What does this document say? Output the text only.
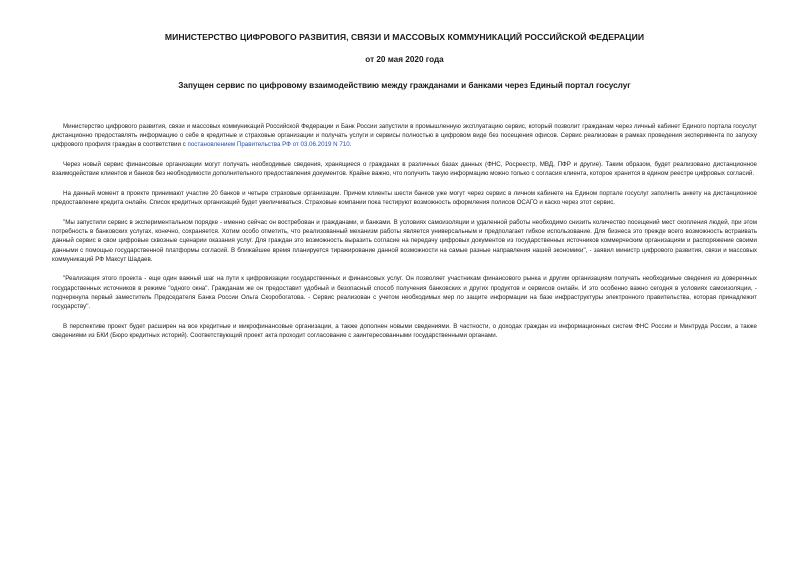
МИНИСТЕРСТВО ЦИФРОВОГО РАЗВИТИЯ, СВЯЗИ И МАССОВЫХ КОММУНИКАЦИЙ РОССИЙСКОЙ ФЕДЕРАЦИИ
от 20 мая 2020 года
Запущен сервис по цифровому взаимодействию между гражданами и банками через Единый портал госуслуг

Министерство цифрового развития, связи и массовых коммуникаций Российской Федерации и Банк России запустили в промышленную эксплуатацию сервис, который позволит гражданам через личный кабинет Единого портала госуслуг дистанционно предоставлять информацию о себе в кредитные и страховые организации и получать услуги и сервисы полностью в цифровом виде без посещения офисов. Сервис реализован в рамках проведения эксперимента по запуску цифрового профиля граждан в соответствии с постановлением Правительства РФ от 03.06.2019 N 710.

Через новый сервис финансовые организации могут получать необходимые сведения, хранящиеся о гражданах в различных базах данных (ФНС, Росреестр, МВД, ПФР и другие). Таким образом, будет реализовано дистанционное взаимодействие клиентов и банков без необходимости дополнительного предоставления документов. Крайне важно, что получить такую информацию можно только с согласия клиента, которое хранится в едином реестре цифровых согласий.

На данный момент в проекте принимают участие 20 банков и четыре страховые организации. Причем клиенты шести банков уже могут через сервис в личном кабинете на Едином портале госуслуг заполнить анкету на дистанционное предоставление кредита онлайн. Список кредитных организаций будет увеличиваться. Страховые компании пока тестируют возможность оформления полисов ОСАГО и каско через этот сервис.

"Мы запустили сервис в экспериментальном порядке - именно сейчас он востребован и гражданами, и банками. В условиях самоизоляции и удаленной работы необходимо снизить количество посещений мест скопления людей, при этом потребность в банковских услугах, конечно, сохраняется. Хотим особо отметить, что реализованный механизм работы является универсальным и предполагает гибкое использование. Для бизнеса это прежде всего возможность встраивать данный сервис в свои цифровые сквозные сценарии оказания услуг. Для граждан это возможность выразить согласие на передачу цифровых документов из государственных источников коммерческим организациям и распоряжение своими данными с помощью государственной платформы согласий. В ближайшее время планируется тиражирование данной возможности на самые разные направления нашей экономики", - заявил министр цифрового развития, связи и массовых коммуникаций РФ Максут Шадаев.

"Реализация этого проекта - еще один важный шаг на пути к цифровизации государственных и финансовых услуг. Он позволяет участникам финансового рынка и другим организациям получать необходимые сведения из доверенных государственных источников в режиме "одного окна". Гражданам же он предоставит удобный и безопасный способ получения банковских и других продуктов и сервисов онлайн. И это особенно важно сегодня в условиях самоизоляции, - подчеркнула первый заместитель Председателя Банка России Ольга Скоробогатова. - Сервис реализован с учетом необходимых мер по защите информации на базе инфраструктуры электронного правительства, которая принадлежит государству".

В перспективе проект будет расширен на все кредитные и микрофинансовые организации, а также дополнен новыми сведениями. В частности, о доходах граждан из информационных систем ФНС России и Минтруда России, а также сведениями из БКИ (Бюро кредитных историй). Соответствующий проект акта проходит согласование с заинтересованными государственными органами.
